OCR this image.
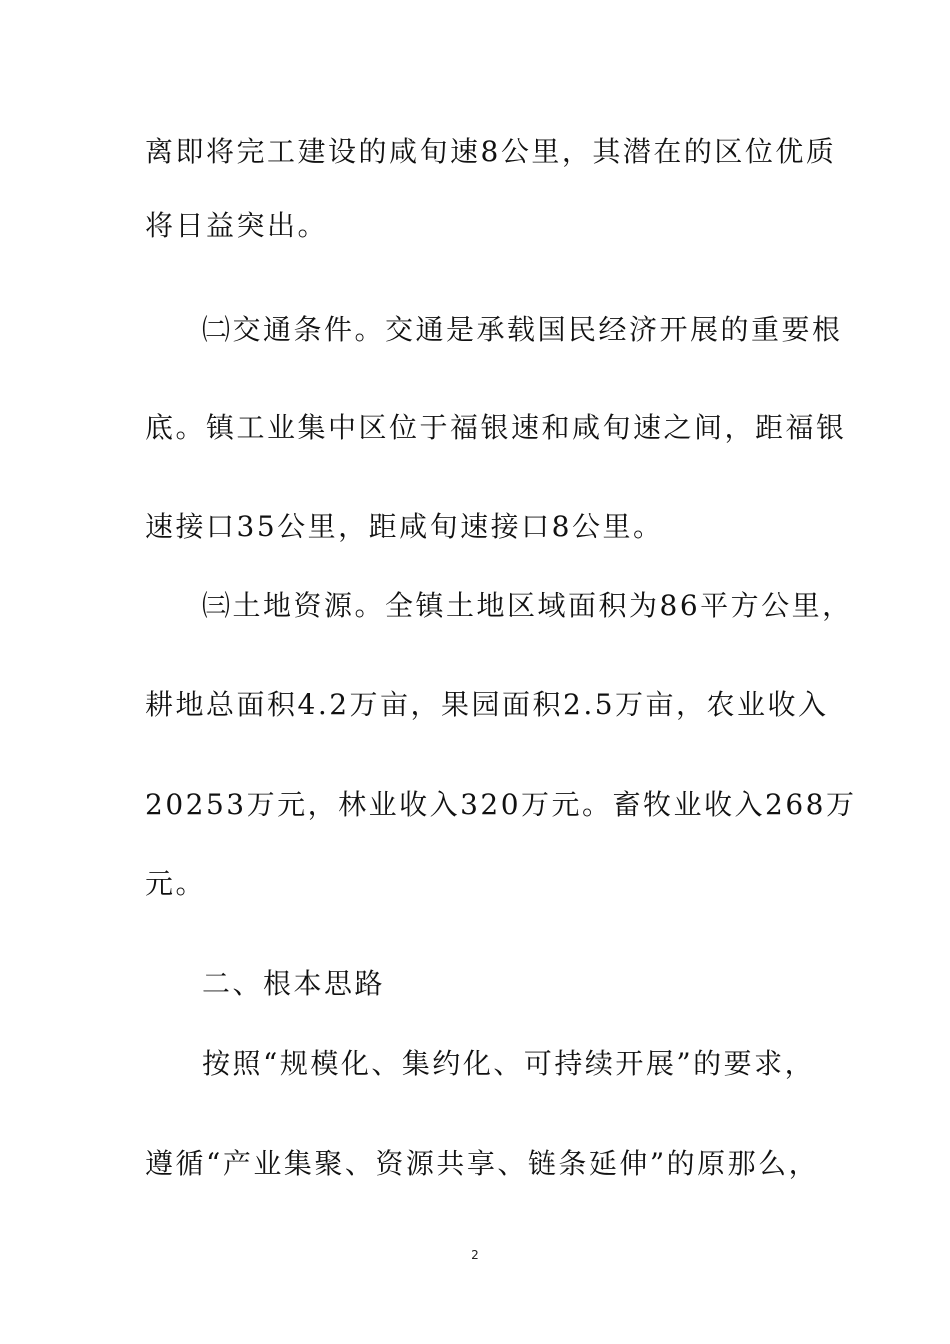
离即将完工建设的咸旬速8公里，其潜在的区位优质
将日益突出。
㈡交通条件。交通是承载国民经济开展的重要根
底。镇工业集中区位于福银速和咸旬速之间，距福银
速接口35公里，距咸旬速接口8公里。
㈢土地资源。全镇土地区域面积为86平方公里，
耕地总面积4.2万亩，果园面积2.5万亩，农业收入
20253万元，林业收入320万元。畜牧业收入268万
元。
二、根本思路
按照“规模化、集约化、可持续开展”的要求，
遵循“产业集聚、资源共享、链条延伸”的原那么，
2
